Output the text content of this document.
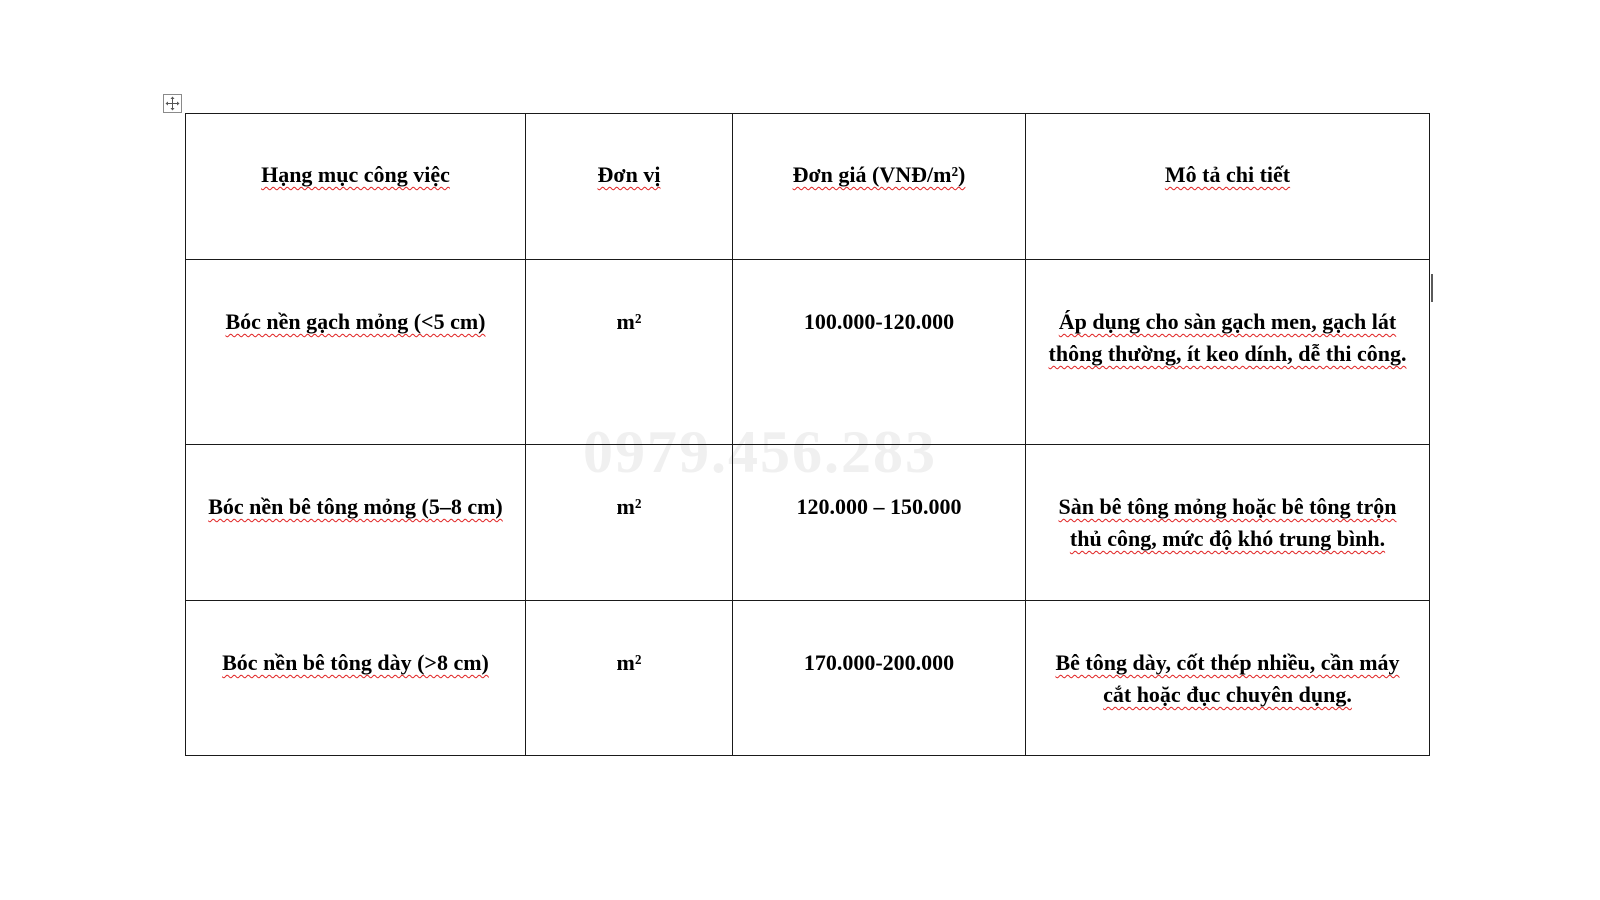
0979.456.283
Hạng mục công việc	Đơn vị	Đơn giá (VNĐ/m²)	Mô tả chi tiết
Bóc nền gạch mỏng (<5 cm)	m²	100.000-120.000	Áp dụng cho sàn gạch men, gạch lát thông thường, ít keo dính, dễ thi công.
Bóc nền bê tông mỏng (5–8 cm)	m²	120.000 – 150.000	Sàn bê tông mỏng hoặc bê tông trộn thủ công, mức độ khó trung bình.
Bóc nền bê tông dày (>8 cm)	m²	170.000-200.000	Bê tông dày, cốt thép nhiều, cần máy cắt hoặc đục chuyên dụng.
